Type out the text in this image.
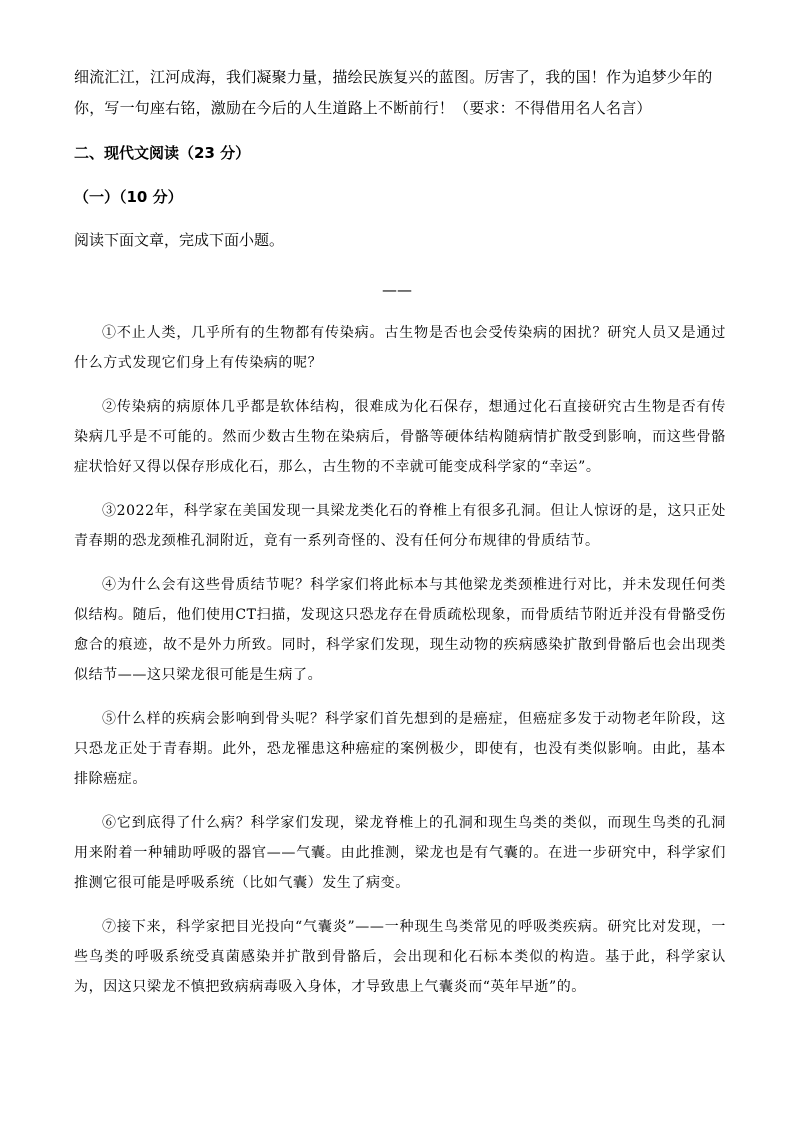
细流汇江，江河成海，我们凝聚力量，描绘民族复兴的蓝图。厉害了，我的国！作为追梦少年的你，写一句座右铭，激励在今后的人生道路上不断前行！（要求：不得借用名人名言）

二、现代文阅读（23 分）
（一）（10 分）
阅读下面文章，完成下面小题。
——

①不止人类，几乎所有的生物都有传染病。古生物是否也会受传染病的困扰？研究人员又是通过什么方式发现它们身上有传染病的呢？

②传染病的病原体几乎都是软体结构，很难成为化石保存，想通过化石直接研究古生物是否有传染病几乎是不可能的。然而少数古生物在染病后，骨骼等硬体结构随病情扩散受到影响，而这些骨骼症状恰好又得以保存形成化石，那么，古生物的不幸就可能变成科学家的“幸运”。

③2022年，科学家在美国发现一具梁龙类化石的脊椎上有很多孔洞。但让人惊讶的是，这只正处青春期的恐龙颈椎孔洞附近，竟有一系列奇怪的、没有任何分布规律的骨质结节。

④为什么会有这些骨质结节呢？科学家们将此标本与其他梁龙类颈椎进行对比，并未发现任何类似结构。随后，他们使用CT扫描，发现这只恐龙存在骨质疏松现象，而骨质结节附近并没有骨骼受伤愈合的痕迹，故不是外力所致。同时，科学家们发现，现生动物的疾病感染扩散到骨骼后也会出现类似结节——这只梁龙很可能是生病了。

⑤什么样的疾病会影响到骨头呢？科学家们首先想到的是癌症，但癌症多发于动物老年阶段，这只恐龙正处于青春期。此外，恐龙罹患这种癌症的案例极少，即使有，也没有类似影响。由此，基本排除癌症。

⑥它到底得了什么病？科学家们发现，梁龙脊椎上的孔洞和现生鸟类的类似，而现生鸟类的孔洞用来附着一种辅助呼吸的器官——气囊。由此推测，梁龙也是有气囊的。在进一步研究中，科学家们推测它很可能是呼吸系统（比如气囊）发生了病变。

⑦接下来，科学家把目光投向“气囊炎”——一种现生鸟类常见的呼吸类疾病。研究比对发现，一些鸟类的呼吸系统受真菌感染并扩散到骨骼后，会出现和化石标本类似的构造。基于此，科学家认为，因这只梁龙不慎把致病病毒吸入身体，才导致患上气囊炎而“英年早逝”的。
